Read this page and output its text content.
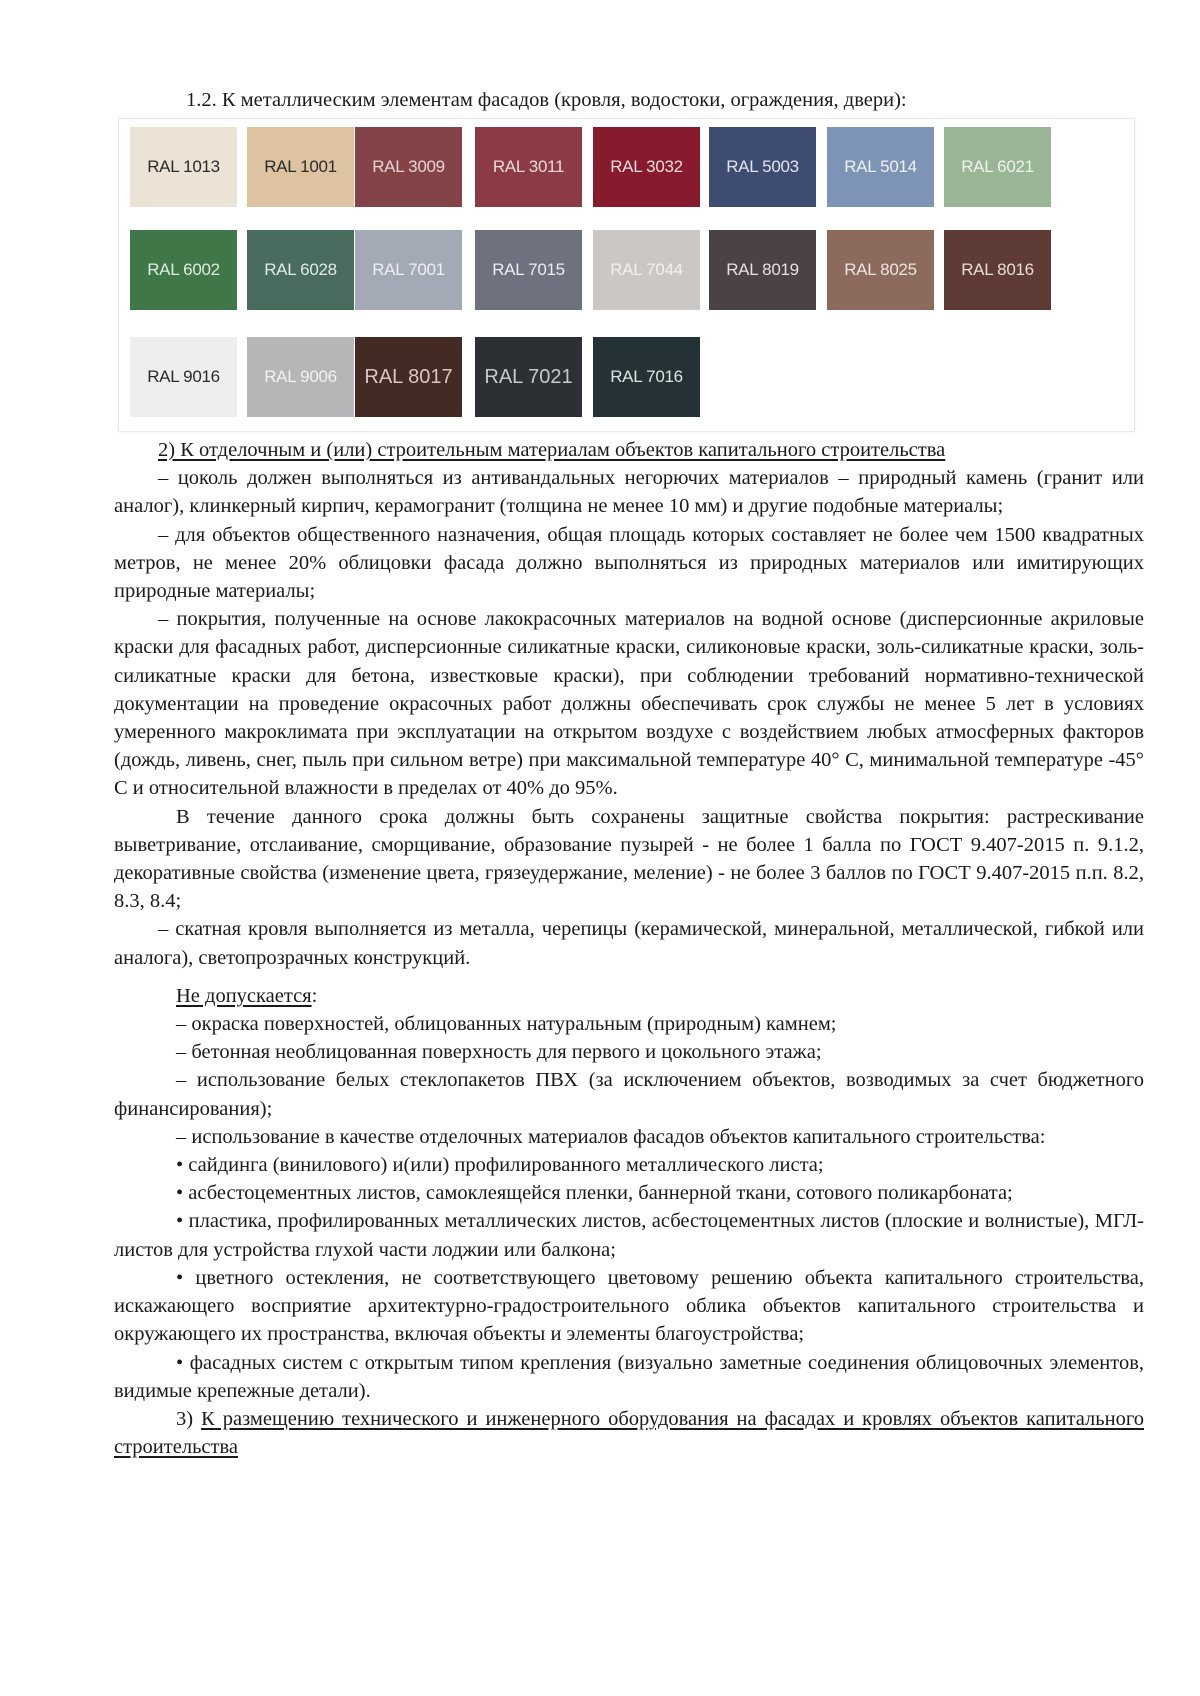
1.2. К металлическим элементам фасадов (кровля, водостоки, ограждения, двери):
RAL 1013	RAL 1001 RAL 3009	RAL 3011	RAL 3032	RAL 5003	RAL 5014	RAL 6021
RAL 6002	RAL 6028 RAL 7001	RAL 7015	RAL 7044	RAL 8019	RAL 8025	RAL 8016
RAL 9016	RAL 9006 RAL 8017 RAL 7021 RAL 7016

2) К отделочным и (или) строительным материалам объектов капитального строительства

– цоколь должен выполняться из антивандальных негорючих материалов – природный камень (гранит или аналог), клинкерный кирпич, керамогранит (толщина не менее 10 мм) и другие подобные материалы;

– для объектов общественного назначения, общая площадь которых составляет не более чем 1500 квадратных метров, не менее 20% облицовки фасада должно выполняться из природных материалов или имитирующих природные материалы;

– покрытия, полученные на основе лакокрасочных материалов на водной основе (дисперсионные акриловые краски для фасадных работ, дисперсионные силикатные краски, силиконовые краски, золь-силикатные краски, золь-силикатные краски для бетона, известковые краски), при соблюдении требований нормативно-технической документации на проведение окрасочных работ должны обеспечивать срок службы не менее 5 лет в условиях умеренного макроклимата при эксплуатации на открытом воздухе с воздействием любых атмосферных факторов (дождь, ливень, снег, пыль при сильном ветре) при максимальной температуре 40° С, минимальной температуре -45° С и относительной влажности в пределах от 40% до 95%.

В течение данного срока должны быть сохранены защитные свойства покрытия: растрескивание выветривание, отслаивание, сморщивание, образование пузырей - не более 1 балла по ГОСТ 9.407-2015 п. 9.1.2, декоративные свойства (изменение цвета, грязеудержание, меление) - не более 3 баллов по ГОСТ 9.407-2015 п.п. 8.2, 8.3, 8.4;

– скатная кровля выполняется из металла, черепицы (керамической, минеральной, металлической, гибкой или аналога), светопрозрачных конструкций.

Не допускается:

– окраска поверхностей, облицованных натуральным (природным) камнем;

– бетонная необлицованная поверхность для первого и цокольного этажа;

– использование белых стеклопакетов ПВХ (за исключением объектов, возводимых за счет бюджетного финансирования);

– использование в качестве отделочных материалов фасадов объектов капитального строительства:

• сайдинга (винилового) и(или) профилированного металлического листа;

• асбестоцементных листов, самоклеящейся пленки, баннерной ткани, сотового поликарбоната;

• пластика, профилированных металлических листов, асбестоцементных листов (плоские и волнистые), МГЛ-листов для устройства глухой части лоджии или балкона;

• цветного остекления, не соответствующего цветовому решению объекта капитального строительства, искажающего восприятие архитектурно-градостроительного облика объектов капитального строительства и окружающего их пространства, включая объекты и элементы благоустройства;

• фасадных систем с открытым типом крепления (визуально заметные соединения облицовочных элементов, видимые крепежные детали).

3) К размещению технического и инженерного оборудования на фасадах и кровлях объектов капитального строительства
